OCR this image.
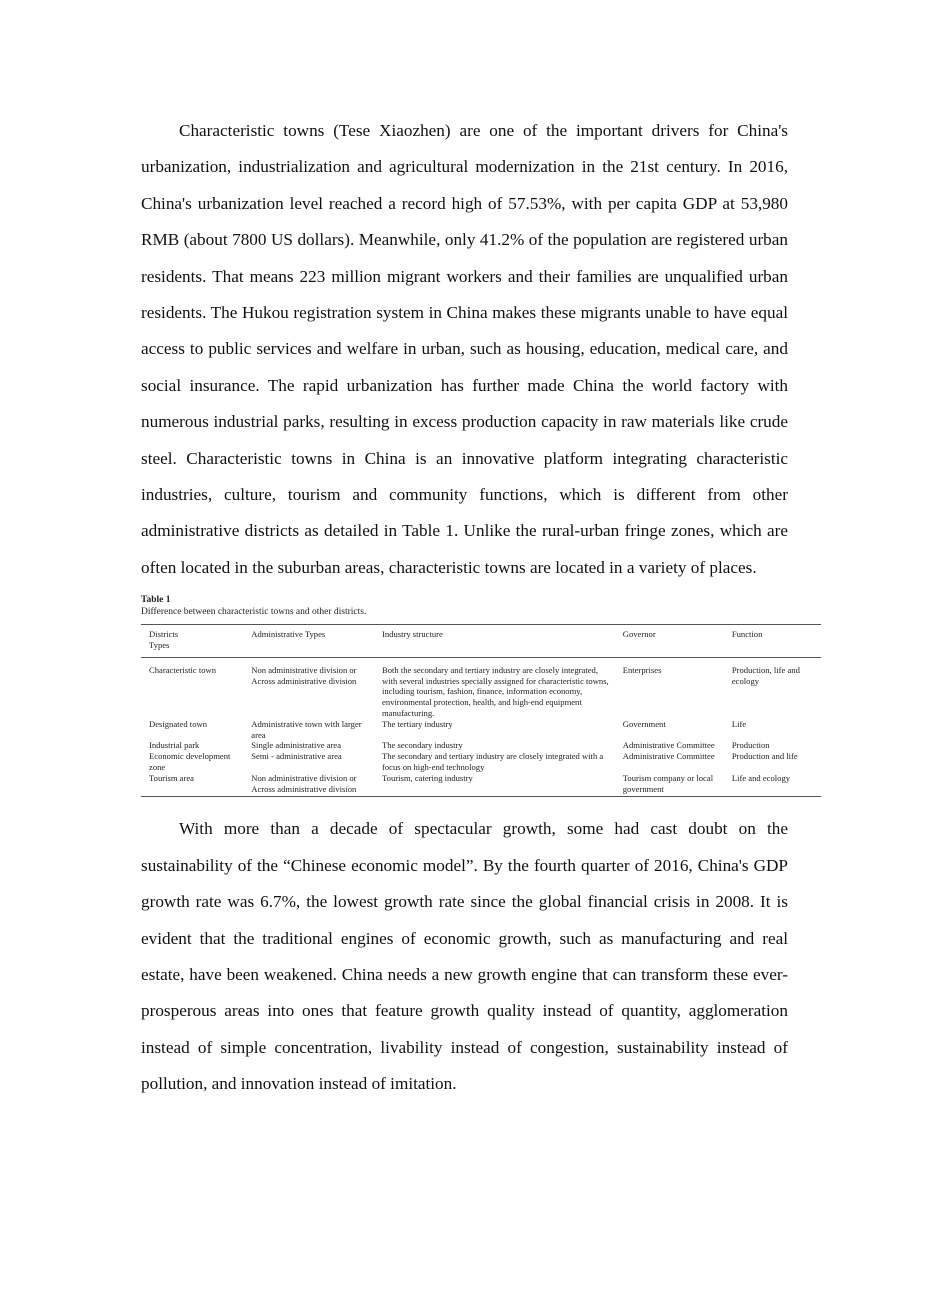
Characteristic towns (Tese Xiaozhen) are one of the important drivers for China's urbanization, industrialization and agricultural modernization in the 21st century. In 2016, China's urbanization level reached a record high of 57.53%, with per capita GDP at 53,980 RMB (about 7800 US dollars). Meanwhile, only 41.2% of the population are registered urban residents. That means 223 million migrant workers and their families are unqualified urban residents. The Hukou registration system in China makes these migrants unable to have equal access to public services and welfare in urban, such as housing, education, medical care, and social insurance. The rapid urbanization has further made China the world factory with numerous industrial parks, resulting in excess production capacity in raw materials like crude steel. Characteristic towns in China is an innovative platform integrating characteristic industries, culture, tourism and community functions, which is different from other administrative districts as detailed in Table 1. Unlike the rural-urban fringe zones, which are often located in the suburban areas, characteristic towns are located in a variety of places.

Table 1
Difference between characteristic towns and other districts.
Districts
Types	Administrative Types	Industry structure	Governor	Function
Characteristic town	Non administrative division or Across administrative division	Both the secondary and tertiary industry are closely integrated, with several industries specially assigned for characteristic towns, including tourism, fashion, finance, information economy, environmental protection, health, and high-end equipment manufacturing.	Enterprises	Production, life and ecology
Designated town	Administrative town with larger area	The tertiary industry	Government	Life
Industrial park	Single administrative area	The secondary industry	Administrative Committee	Production
Economic development zone	Semi - administrative area	The secondary and tertiary industry are closely integrated with a focus on high-end technology	Administrative Committee	Production and life
Tourism area	Non administrative division or Across administrative division	Tourism, catering industry	Tourism company or local government	Life and ecology

With more than a decade of spectacular growth, some had cast doubt on the sustainability of the “Chinese economic model”. By the fourth quarter of 2016, China's GDP growth rate was 6.7%, the lowest growth rate since the global financial crisis in 2008. It is evident that the traditional engines of economic growth, such as manufacturing and real estate, have been weakened. China needs a new growth engine that can transform these ever-prosperous areas into ones that feature growth quality instead of quantity, agglomeration instead of simple concentration, livability instead of congestion, sustainability instead of pollution, and innovation instead of imitation.
